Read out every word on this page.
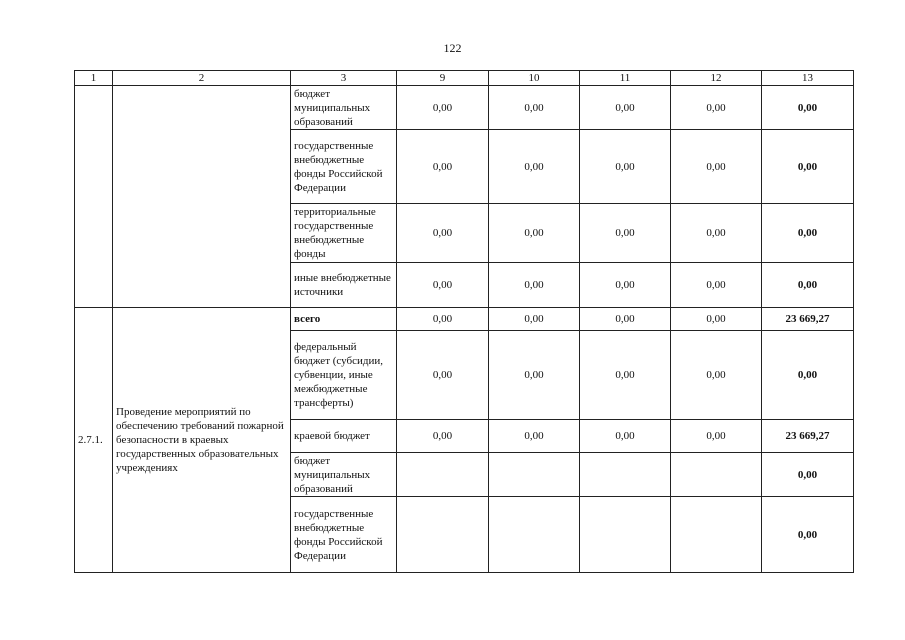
122
1	2	3	9	10	11	12	13
		бюджет муниципальных образований	0,00	0,00	0,00	0,00	0,00
		государственные внебюджетные фонды Российской Федерации	0,00	0,00	0,00	0,00	0,00
		территориальные государственные внебюджетные фонды	0,00	0,00	0,00	0,00	0,00
		иные внебюджетные источники	0,00	0,00	0,00	0,00	0,00
2.7.1.	Проведение мероприятий по обеспечению требований пожарной безопасности в краевых государственных образовательных учреждениях	всего	0,00	0,00	0,00	0,00	23 669,27
		федеральный бюджет (субсидии, субвенции, иные межбюджетные трансферты)	0,00	0,00	0,00	0,00	0,00
		краевой бюджет	0,00	0,00	0,00	0,00	23 669,27
		бюджет муниципальных образований					0,00
		государственные внебюджетные фонды Российской Федерации					0,00
